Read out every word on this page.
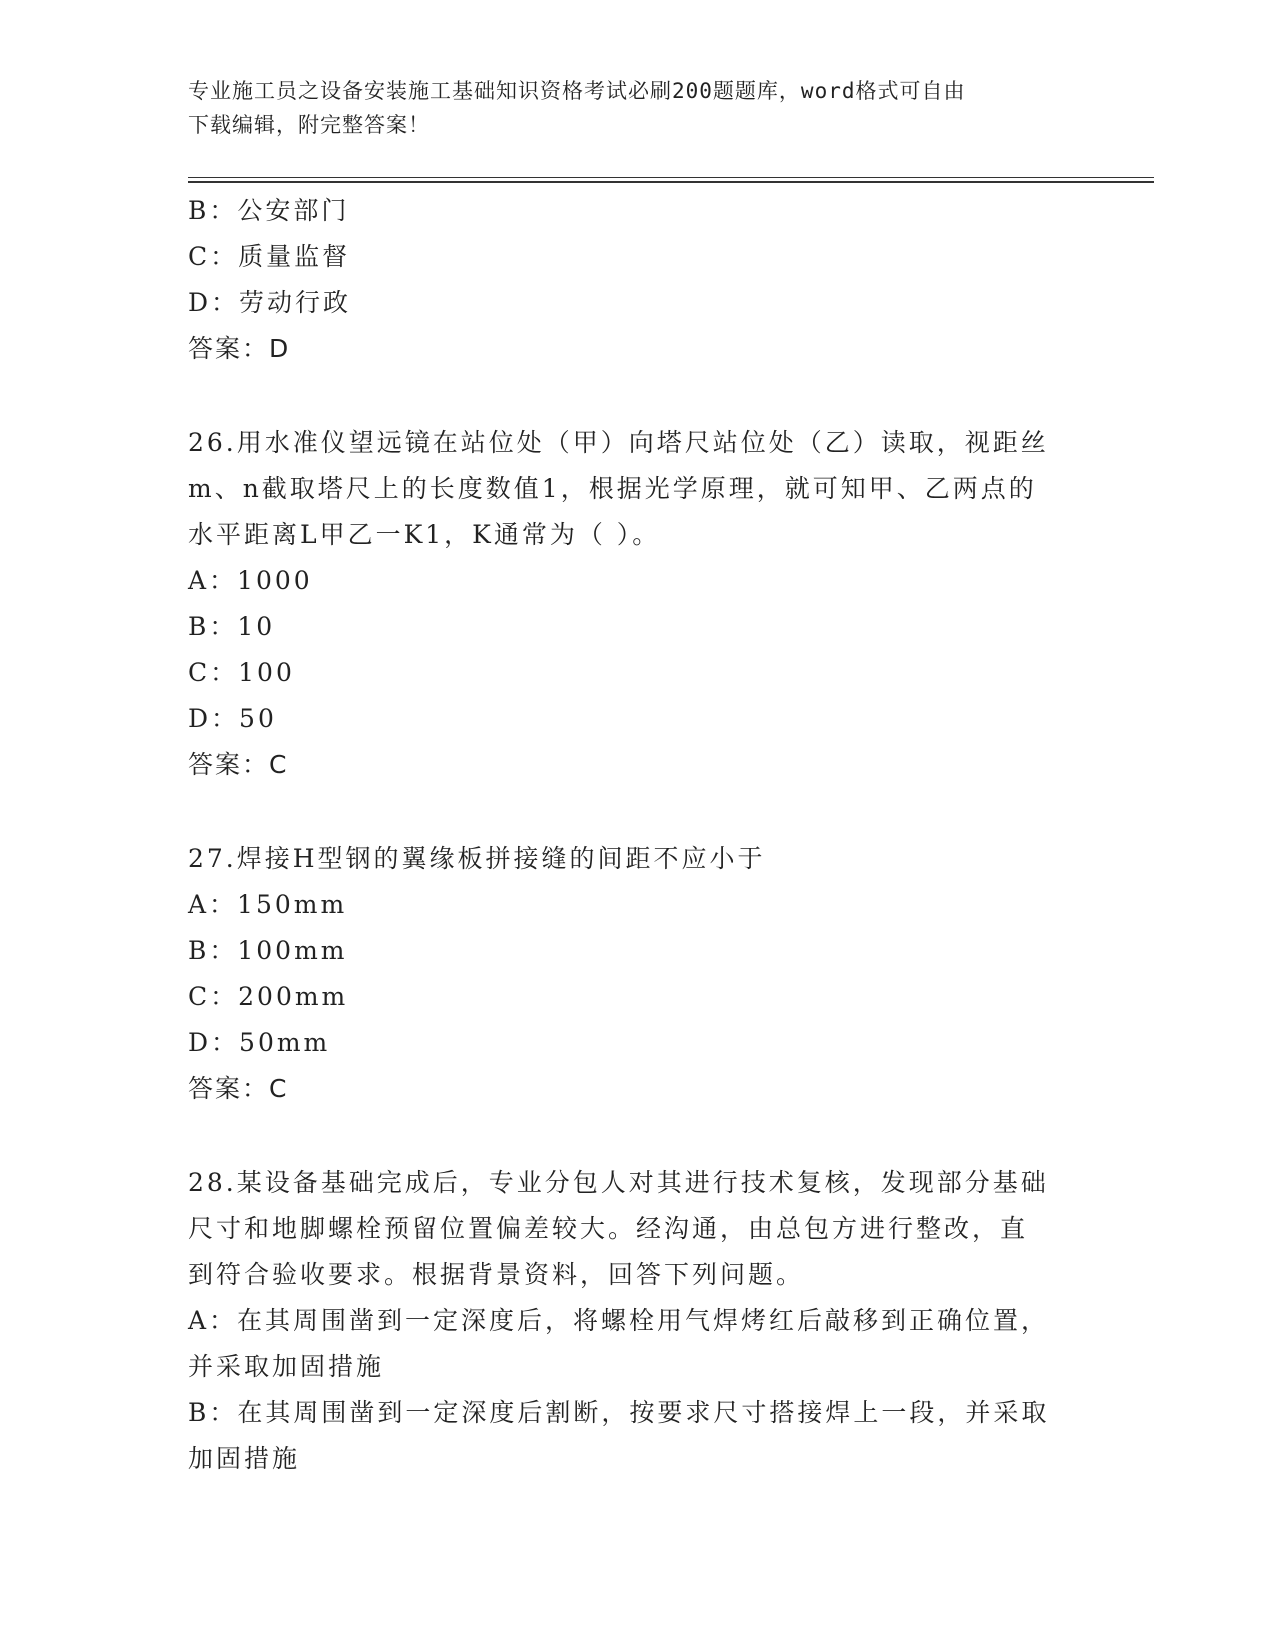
专业施工员之设备安装施工基础知识资格考试必刷200题题库，word格式可自由
下载编辑，附完整答案！
B：公安部门
C：质量监督
D：劳动行政
答案：D
26.用水准仪望远镜在站位处（甲）向塔尺站位处（乙）读取，视距丝
m、n截取塔尺上的长度数值1，根据光学原理，就可知甲、乙两点的
水平距离L甲乙一K1，K通常为（ ）。
A：1000
B：10
C：100
D：50
答案：C
27.焊接H型钢的翼缘板拼接缝的间距不应小于
A：150mm
B：100mm
C：200mm
D：50mm
答案：C
28.某设备基础完成后，专业分包人对其进行技术复核，发现部分基础
尺寸和地脚螺栓预留位置偏差较大。经沟通，由总包方进行整改，直
到符合验收要求。根据背景资料，回答下列问题。
A：在其周围凿到一定深度后，将螺栓用气焊烤红后敲移到正确位置，
并采取加固措施
B：在其周围凿到一定深度后割断，按要求尺寸搭接焊上一段，并采取
加固措施
